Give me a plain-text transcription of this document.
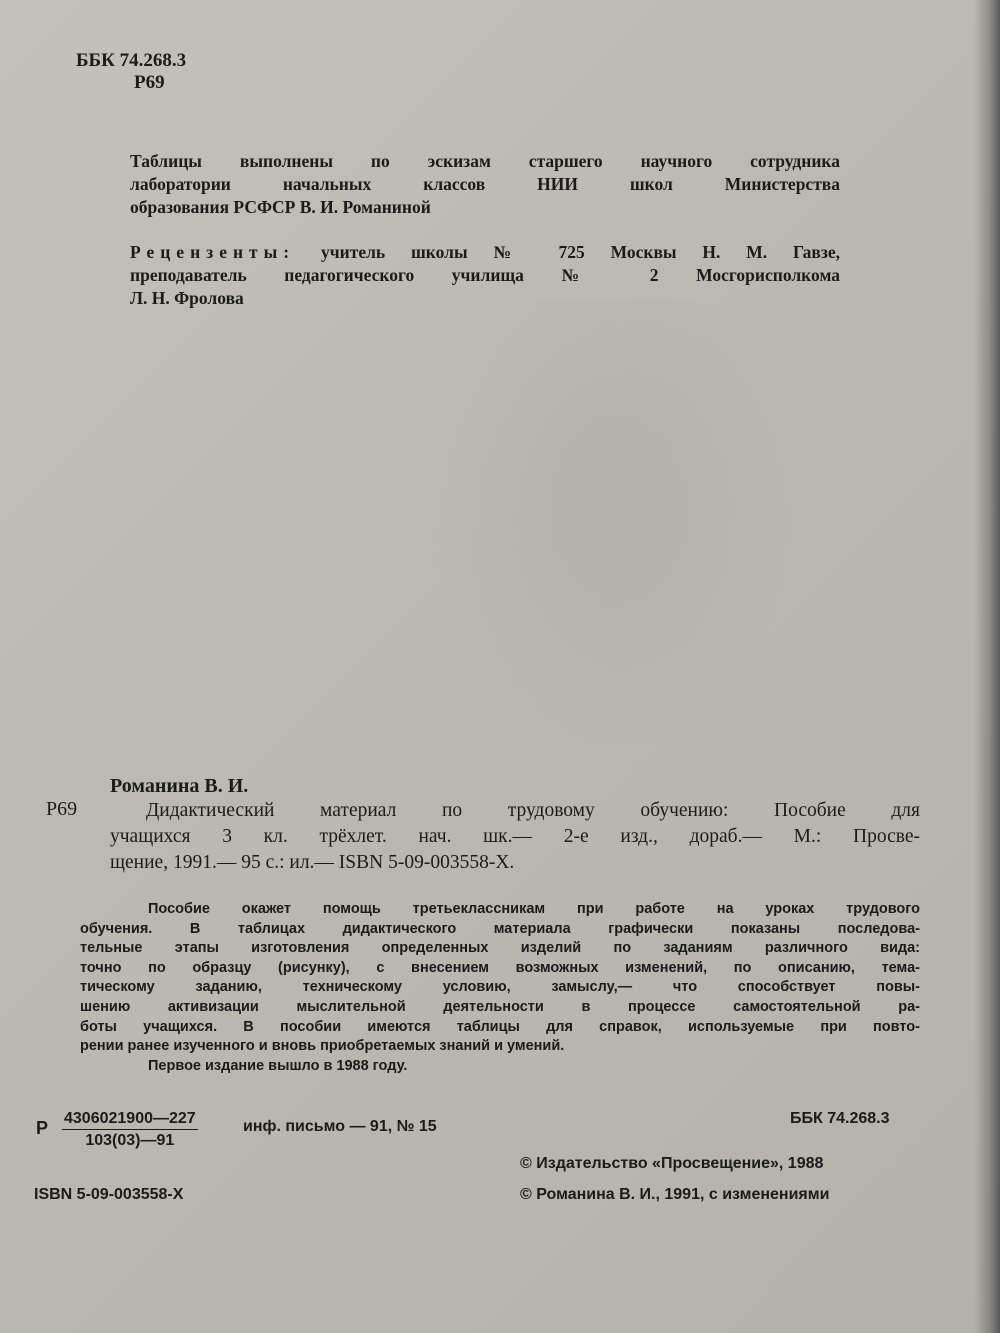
ББК 74.268.3
Р69
Таблицы выполнены по эскизам старшего научного сотрудника
лаборатории начальных классов НИИ школ Министерства
образования РСФСР В. И. Романиной
Рецензенты: учитель школы № 725 Москвы Н. М. Гавзе,
преподаватель педагогического училища № 2 Мосгорисполкома
Л. Н. Фролова
Романина В. И.
Р69	Дидактический материал по трудовому обучению: Пособие для
учащихся 3 кл. трёхлет. нач. шк.— 2-е изд., дораб.— М.: Просве-
щение, 1991.— 95 с.: ил.— ISBN 5-09-003558-Х.
Пособие окажет помощь третьеклассникам при работе на уроках трудового
обучения. В таблицах дидактического материала графически показаны последова-
тельные этапы изготовления определенных изделий по заданиям различного вида:
точно по образцу (рисунку), с внесением возможных изменений, по описанию, тема-
тическому заданию, техническому условию, замыслу,— что способствует повы-
шению активизации мыслительной деятельности в процессе самостоятельной ра-
боты учащихся. В пособии имеются таблицы для справок, используемые при повто-
рении ранее изученного и вновь приобретаемых знаний и умений.
Первое издание вышло в 1988 году.
Р $\frac{4306021900—227}{103(03)—91}$	инф. письмо — 91, № 15	ББК 74.268.3
ISBN 5-09-003558-Х
© Издательство «Просвещение», 1988
© Романина В. И., 1991, с изменениями
